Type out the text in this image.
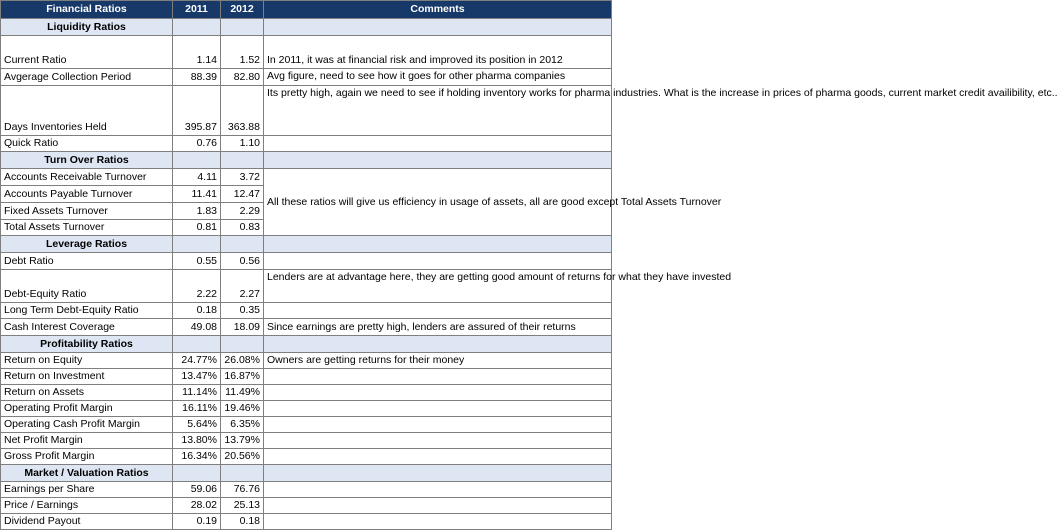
Financial Ratios	2011	2012	Comments
Liquidity Ratios			
Current Ratio	1.14	1.52	In 2011, it was at financial risk and improved its position in 2012
Avgerage Collection Period	88.39	82.80	Avg figure, need to see how it goes for other pharma companies
Days Inventories Held	395.87	363.88	Its pretty high, again we need to see if holding inventory works for pharma industries. What is the increase in prices of pharma goods, current market credit availibility, etc..
Quick Ratio	0.76	1.10	
Turn Over Ratios			
Accounts Receivable Turnover	4.11	3.72	All these ratios will give us efficiency in usage of assets, all are good except Total Assets Turnover
Accounts Payable Turnover	11.41	12.47	
Fixed Assets Turnover	1.83	2.29	
Total Assets Turnover	0.81	0.83	
Leverage Ratios			
Debt Ratio	0.55	0.56	
Debt-Equity Ratio	2.22	2.27	Lenders are at advantage here, they are getting good amount of returns for what they have invested
Long Term Debt-Equity Ratio	0.18	0.35	
Cash Interest Coverage	49.08	18.09	Since earnings are pretty high, lenders are assured of their returns
Profitability Ratios			
Return on Equity	24.77%	26.08%	Owners are getting returns for their money
Return on Investment	13.47%	16.87%	
Return on Assets	11.14%	11.49%	
Operating Profit Margin	16.11%	19.46%	
Operating Cash Profit Margin	5.64%	6.35%	
Net Profit Margin	13.80%	13.79%	
Gross Profit Margin	16.34%	20.56%	
Market / Valuation Ratios			
Earnings per Share	59.06	76.76	
Price / Earnings	28.02	25.13	
Dividend Payout	0.19	0.18	
